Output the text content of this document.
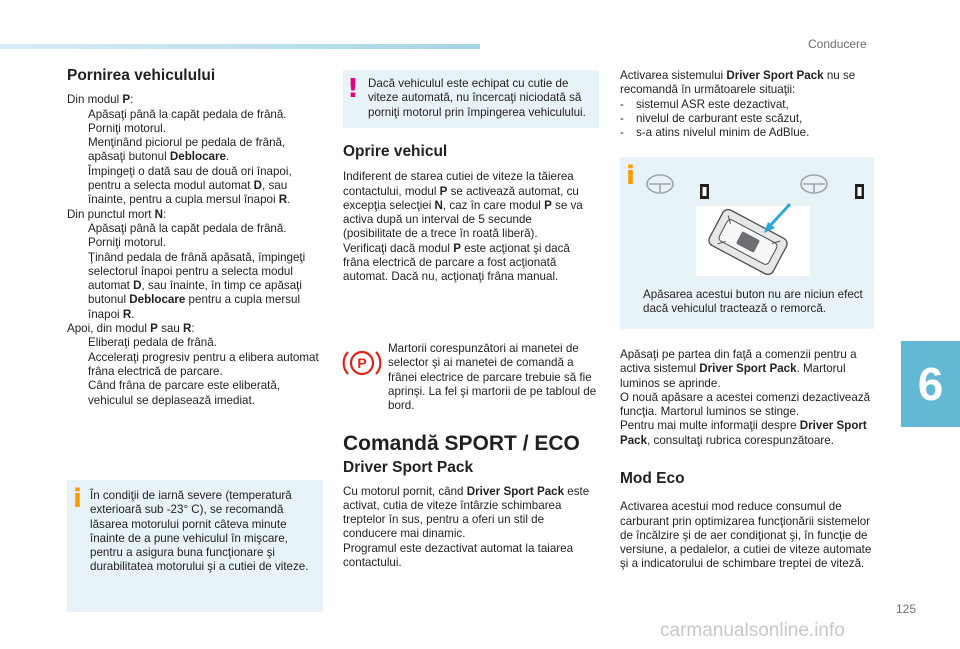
Conducere
6
125
Pornirea vehiculului

Din modul P:

Apăsaţi până la capăt pedala de frână.

Porniţi motorul.

Menţinând piciorul pe pedala de frână, apăsaţi butonul Deblocare.

Împingeţi o dată sau de două ori înapoi, pentru a selecta modul automat D, sau înainte, pentru a cupla mersul înapoi R.

Din punctul mort N:

Apăsaţi până la capăt pedala de frână.

Porniţi motorul.

Ţinând pedala de frână apăsată, împingeţi selectorul înapoi pentru a selecta modul automat D, sau înainte, în timp ce apăsaţi butonul Deblocare pentru a cupla mersul înapoi R.

Apoi, din modul P sau R:

Eliberaţi pedala de frână.

Acceleraţi progresiv pentru a elibera automat frâna electrică de parcare.

Când frâna de parcare este eliberată, vehiculul se deplasează imediat.

i În condiţii de iarnă severe (temperatură exterioară sub -23° C), se recomandă lăsarea motorului pornit câteva minute înainte de a pune vehiculul în mişcare, pentru a asigura buna funcţionare şi durabilitatea motorului şi a cutiei de viteze.
! Dacă vehiculul este echipat cu cutie de viteze automată, nu încercaţi niciodată să porniţi motorul prin împingerea vehiculului.
Oprire vehicul

Indiferent de starea cutiei de viteze la tăierea contactului, modul P se activează automat, cu excepţia selecţiei N, caz în care modul P se va activa după un interval de 5 secunde (posibilitate de a trece în roată liberă).

Verificaţi dacă modul P este acţionat şi dacă frâna electrică de parcare a fost acţionată automat. Dacă nu, acţionaţi frâna manual.

P
Martorii corespunzători ai manetei de selector şi ai manetei de comandă a frânei electrice de parcare trebuie să fie aprinşi. La fel şi martorii de pe tabloul de bord.
Comandă SPORT / ECO
Driver Sport Pack

Cu motorul pornit, când Driver Sport Pack este activat, cutia de viteze întârzie schimbarea treptelor în sus, pentru a oferi un stil de conducere mai dinamic.

Programul este dezactivat automat la taiarea contactului.

Activarea sistemului Driver Sport Pack nu se recomandă în următoarele situaţii:

- sistemul ASR este dezactivat,

- nivelul de carburant este scăzut,

- s-a atins nivelul minim de AdBlue.

i
Apăsarea acestui buton nu are niciun efect dacă vehiculul tractează o remorcă.

Apăsaţi pe partea din faţă a comenzii pentru a activa sistemul Driver Sport Pack. Martorul luminos se aprinde.

O nouă apăsare a acestei comenzi dezactivează funcţia. Martorul luminos se stinge.

Pentru mai multe informaţii despre Driver Sport Pack, consultaţi rubrica corespunzătoare.

Mod Eco

Activarea acestui mod reduce consumul de carburant prin optimizarea funcţionării sistemelor de încălzire şi de aer condiţionat şi, în funcţie de versiune, a pedalelor, a cutiei de viteze automate şi a indicatorului de schimbare treptei de viteză.

carmanualsonline.info
